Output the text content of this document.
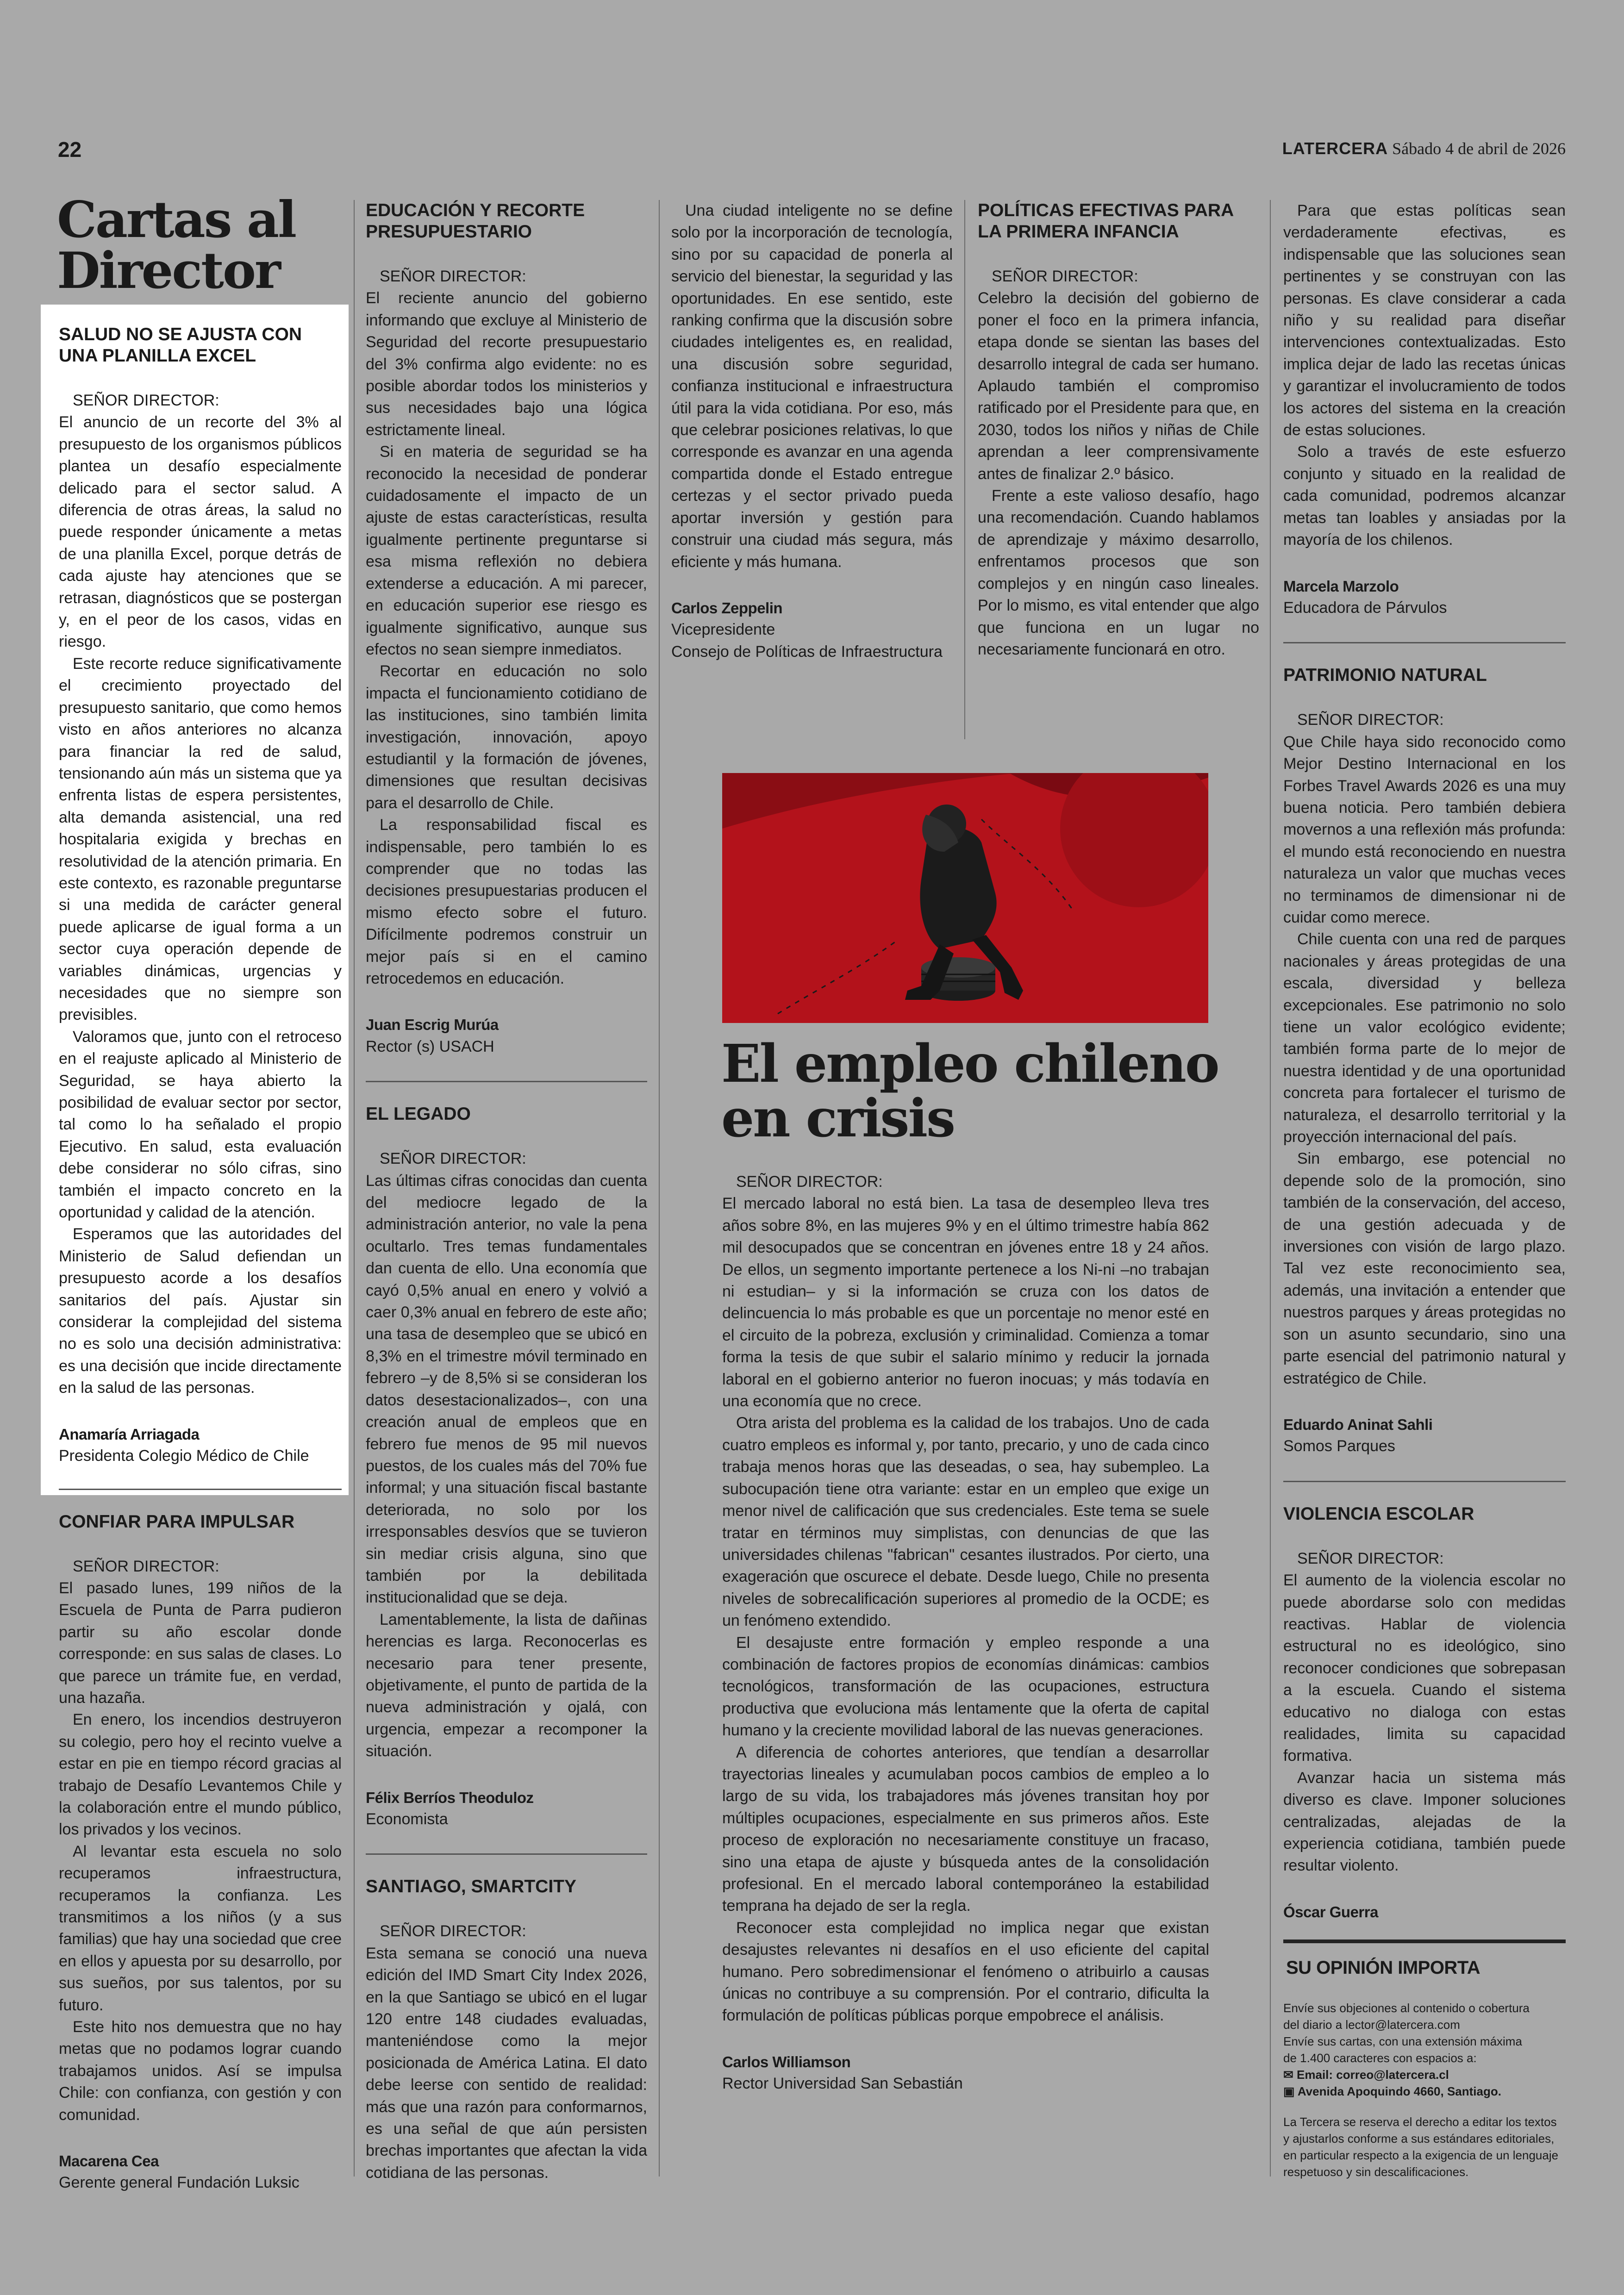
22	LATERCERA Sábado 4 de abril de 2026
Cartas al
Director
SALUD NO SE AJUSTA CON UNA PLANILLA EXCEL

SEÑOR DIRECTOR:

El anuncio de un recorte del 3% al presupuesto de los organismos públicos plantea un desafío especialmente delicado para el sector salud. A diferencia de otras áreas, la salud no puede responder únicamente a metas de una planilla Excel, porque detrás de cada ajuste hay atenciones que se retrasan, diagnósticos que se postergan y, en el peor de los casos, vidas en riesgo.

Este recorte reduce significativamente el crecimiento proyectado del presupuesto sanitario, que como hemos visto en años anteriores no alcanza para financiar la red de salud, tensionando aún más un sistema que ya enfrenta listas de espera persistentes, alta demanda asistencial, una red hospitalaria exigida y brechas en resolutividad de la atención primaria. En este contexto, es razonable preguntarse si una medida de carácter general puede aplicarse de igual forma a un sector cuya operación depende de variables dinámicas, urgencias y necesidades que no siempre son previsibles.

Valoramos que, junto con el retroceso en el reajuste aplicado al Ministerio de Seguridad, se haya abierto la posibilidad de evaluar sector por sector, tal como lo ha señalado el propio Ejecutivo. En salud, esta evaluación debe considerar no sólo cifras, sino también el impacto concreto en la oportunidad y calidad de la atención.

Esperamos que las autoridades del Ministerio de Salud defiendan un presupuesto acorde a los desafíos sanitarios del país. Ajustar sin considerar la complejidad del sistema no es solo una decisión administrativa: es una decisión que incide directamente en la salud de las personas.

Anamaría Arriagada
Presidenta Colegio Médico de Chile
CONFIAR PARA IMPULSAR

SEÑOR DIRECTOR:

El pasado lunes, 199 niños de la Escuela de Punta de Parra pudieron partir su año escolar donde corresponde: en sus salas de clases. Lo que parece un trámite fue, en verdad, una hazaña.

En enero, los incendios destruyeron su colegio, pero hoy el recinto vuelve a estar en pie en tiempo récord gracias al trabajo de Desafío Levantemos Chile y la colaboración entre el mundo público, los privados y los vecinos.

Al levantar esta escuela no solo recuperamos infraestructura, recuperamos la confianza. Les transmitimos a los niños (y a sus familias) que hay una sociedad que cree en ellos y apuesta por su desarrollo, por sus sueños, por sus talentos, por su futuro.

Este hito nos demuestra que no hay metas que no podamos lograr cuando trabajamos unidos. Así se impulsa Chile: con confianza, con gestión y con comunidad.

Macarena Cea
Gerente general Fundación Luksic
EDUCACIÓN Y RECORTE PRESUPUESTARIO

SEÑOR DIRECTOR:

El reciente anuncio del gobierno informando que excluye al Ministerio de Seguridad del recorte presupuestario del 3% confirma algo evidente: no es posible abordar todos los ministerios y sus necesidades bajo una lógica estrictamente lineal.

Si en materia de seguridad se ha reconocido la necesidad de ponderar cuidadosamente el impacto de un ajuste de estas características, resulta igualmente pertinente preguntarse si esa misma reflexión no debiera extenderse a educación. A mi parecer, en educación superior ese riesgo es igualmente significativo, aunque sus efectos no sean siempre inmediatos.

Recortar en educación no solo impacta el funcionamiento cotidiano de las instituciones, sino también limita investigación, innovación, apoyo estudiantil y la formación de jóvenes, dimensiones que resultan decisivas para el desarrollo de Chile.

La responsabilidad fiscal es indispensable, pero también lo es comprender que no todas las decisiones presupuestarias producen el mismo efecto sobre el futuro. Difícilmente podremos construir un mejor país si en el camino retrocedemos en educación.

Juan Escrig Murúa
Rector (s) USACH
EL LEGADO

SEÑOR DIRECTOR:

Las últimas cifras conocidas dan cuenta del mediocre legado de la administración anterior, no vale la pena ocultarlo. Tres temas fundamentales dan cuenta de ello. Una economía que cayó 0,5% anual en enero y volvió a caer 0,3% anual en febrero de este año; una tasa de desempleo que se ubicó en 8,3% en el trimestre móvil terminado en febrero –y de 8,5% si se consideran los datos desestacionalizados–, con una creación anual de empleos que en febrero fue menos de 95 mil nuevos puestos, de los cuales más del 70% fue informal; y una situación fiscal bastante deteriorada, no solo por los irresponsables desvíos que se tuvieron sin mediar crisis alguna, sino que también por la debilitada institucionalidad que se deja.

Lamentablemente, la lista de dañinas herencias es larga. Reconocerlas es necesario para tener presente, objetivamente, el punto de partida de la nueva administración y ojalá, con urgencia, empezar a recomponer la situación.

Félix Berríos Theoduloz
Economista
SANTIAGO, SMARTCITY

SEÑOR DIRECTOR:

Esta semana se conoció una nueva edición del IMD Smart City Index 2026, en la que Santiago se ubicó en el lugar 120 entre 148 ciudades evaluadas, manteniéndose como la mejor posicionada de América Latina. El dato debe leerse con sentido de realidad: más que una razón para conformarnos, es una señal de que aún persisten brechas importantes que afectan la vida cotidiana de las personas.

Una ciudad inteligente no se define solo por la incorporación de tecnología, sino por su capacidad de ponerla al servicio del bienestar, la seguridad y las oportunidades. En ese sentido, este ranking confirma que la discusión sobre ciudades inteligentes es, en realidad, una discusión sobre seguridad, confianza institucional e infraestructura útil para la vida cotidiana. Por eso, más que celebrar posiciones relativas, lo que corresponde es avanzar en una agenda compartida donde el Estado entregue certezas y el sector privado pueda aportar inversión y gestión para construir una ciudad más segura, más eficiente y más humana.

Carlos Zeppelin
Vicepresidente
Consejo de Políticas de Infraestructura
POLÍTICAS EFECTIVAS PARA LA PRIMERA INFANCIA

SEÑOR DIRECTOR:

Celebro la decisión del gobierno de poner el foco en la primera infancia, etapa donde se sientan las bases del desarrollo integral de cada ser humano. Aplaudo también el compromiso ratificado por el Presidente para que, en 2030, todos los niños y niñas de Chile aprendan a leer comprensivamente antes de finalizar 2.º básico.

Frente a este valioso desafío, hago una recomendación. Cuando hablamos de aprendizaje y máximo desarrollo, enfrentamos procesos que son complejos y en ningún caso lineales. Por lo mismo, es vital entender que algo que funciona en un lugar no necesariamente funcionará en otro.

El empleo chileno
en crisis

SEÑOR DIRECTOR:

El mercado laboral no está bien. La tasa de desempleo lleva tres años sobre 8%, en las mujeres 9% y en el último trimestre había 862 mil desocupados que se concentran en jóvenes entre 18 y 24 años. De ellos, un segmento importante pertenece a los Ni-ni –no trabajan ni estudian– y si la información se cruza con los datos de delincuencia lo más probable es que un porcentaje no menor esté en el circuito de la pobreza, exclusión y criminalidad. Comienza a tomar forma la tesis de que subir el salario mínimo y reducir la jornada laboral en el gobierno anterior no fueron inocuas; y más todavía en una economía que no crece.

Otra arista del problema es la calidad de los trabajos. Uno de cada cuatro empleos es informal y, por tanto, precario, y uno de cada cinco trabaja menos horas que las deseadas, o sea, hay subempleo. La subocupación tiene otra variante: estar en un empleo que exige un menor nivel de calificación que sus credenciales. Este tema se suele tratar en términos muy simplistas, con denuncias de que las universidades chilenas "fabrican" cesantes ilustrados. Por cierto, una exageración que oscurece el debate. Desde luego, Chile no presenta niveles de sobrecalificación superiores al promedio de la OCDE; es un fenómeno extendido.

El desajuste entre formación y empleo responde a una combinación de factores propios de economías dinámicas: cambios tecnológicos, transformación de las ocupaciones, estructura productiva que evoluciona más lentamente que la oferta de capital humano y la creciente movilidad laboral de las nuevas generaciones.

A diferencia de cohortes anteriores, que tendían a desarrollar trayectorias lineales y acumulaban pocos cambios de empleo a lo largo de su vida, los trabajadores más jóvenes transitan hoy por múltiples ocupaciones, especialmente en sus primeros años. Este proceso de exploración no necesariamente constituye un fracaso, sino una etapa de ajuste y búsqueda antes de la consolidación profesional. En el mercado laboral contemporáneo la estabilidad temprana ha dejado de ser la regla.

Reconocer esta complejidad no implica negar que existan desajustes relevantes ni desafíos en el uso eficiente del capital humano. Pero sobredimensionar el fenómeno o atribuirlo a causas únicas no contribuye a su comprensión. Por el contrario, dificulta la formulación de políticas públicas porque empobrece el análisis.

Carlos Williamson
Rector Universidad San Sebastián

Para que estas políticas sean verdaderamente efectivas, es indispensable que las soluciones sean pertinentes y se construyan con las personas. Es clave considerar a cada niño y su realidad para diseñar intervenciones contextualizadas. Esto implica dejar de lado las recetas únicas y garantizar el involucramiento de todos los actores del sistema en la creación de estas soluciones.

Solo a través de este esfuerzo conjunto y situado en la realidad de cada comunidad, podremos alcanzar metas tan loables y ansiadas por la mayoría de los chilenos.

Marcela Marzolo
Educadora de Párvulos
PATRIMONIO NATURAL

SEÑOR DIRECTOR:

Que Chile haya sido reconocido como Mejor Destino Internacional en los Forbes Travel Awards 2026 es una muy buena noticia. Pero también debiera movernos a una reflexión más profunda: el mundo está reconociendo en nuestra naturaleza un valor que muchas veces no terminamos de dimensionar ni de cuidar como merece.

Chile cuenta con una red de parques nacionales y áreas protegidas de una escala, diversidad y belleza excepcionales. Ese patrimonio no solo tiene un valor ecológico evidente; también forma parte de lo mejor de nuestra identidad y de una oportunidad concreta para fortalecer el turismo de naturaleza, el desarrollo territorial y la proyección internacional del país.

Sin embargo, ese potencial no depende solo de la promoción, sino también de la conservación, del acceso, de una gestión adecuada y de inversiones con visión de largo plazo. Tal vez este reconocimiento sea, además, una invitación a entender que nuestros parques y áreas protegidas no son un asunto secundario, sino una parte esencial del patrimonio natural y estratégico de Chile.

Eduardo Aninat Sahli
Somos Parques
VIOLENCIA ESCOLAR

SEÑOR DIRECTOR:

El aumento de la violencia escolar no puede abordarse solo con medidas reactivas. Hablar de violencia estructural no es ideológico, sino reconocer condiciones que sobrepasan a la escuela. Cuando el sistema educativo no dialoga con estas realidades, limita su capacidad formativa.

Avanzar hacia un sistema más diverso es clave. Imponer soluciones centralizadas, alejadas de la experiencia cotidiana, también puede resultar violento.

Óscar Guerra
SU OPINIÓN IMPORTA
Envíe sus objeciones al contenido o cobertura
del diario a lector@latercera.com
Envíe sus cartas, con una extensión máxima
de 1.400 caracteres con espacios a:
✉ Email: correo@latercera.cl
▣ Avenida Apoquindo 4660, Santiago.
La Tercera se reserva el derecho a editar los textos
y ajustarlos conforme a sus estándares editoriales,
en particular respecto a la exigencia de un lenguaje
respetuoso y sin descalificaciones.
